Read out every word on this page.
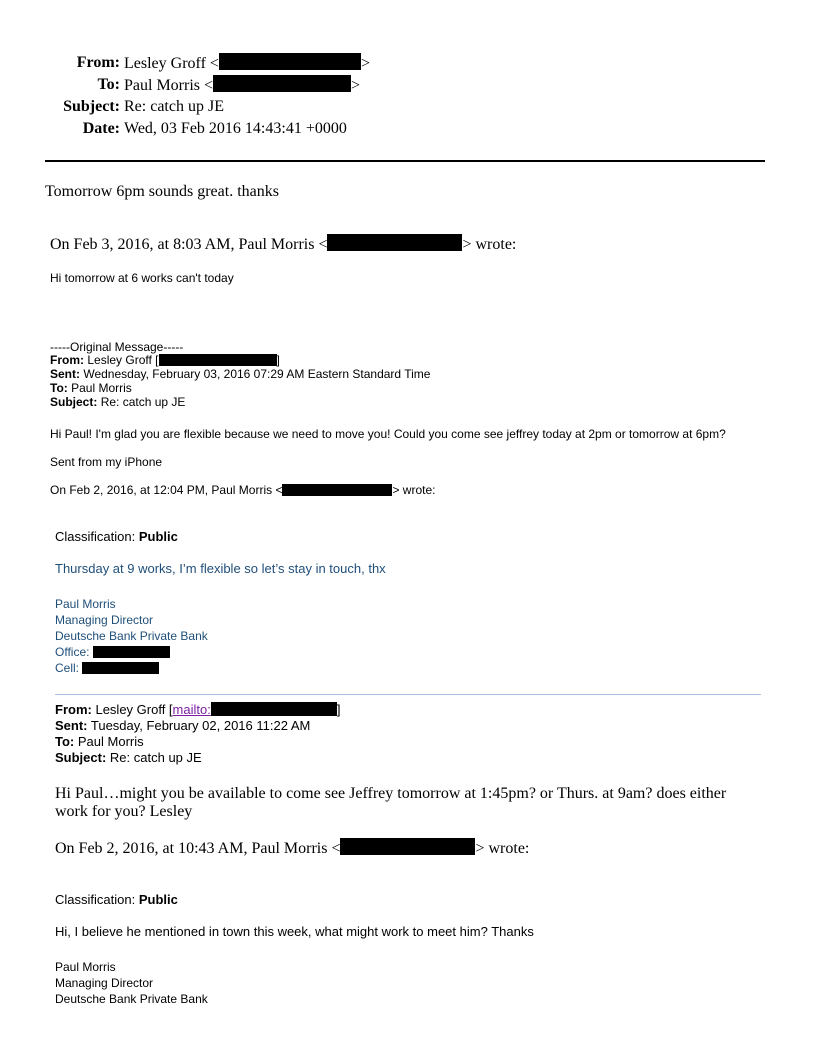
From: Lesley Groff <	>
To: Paul Morris <	>
Subject: Re: catch up JE
Date: Wed, 03 Feb 2016 14:43:41 +0000
Tomorrow 6pm sounds great. thanks
On Feb 3, 2016, at 8:03 AM, Paul Morris <	> wrote:
Hi tomorrow at 6 works can't today
-----Original Message-----
From: Lesley Groff [	]
Sent: Wednesday, February 03, 2016 07:29 AM Eastern Standard Time
To: Paul Morris
Subject: Re: catch up JE
Hi Paul! I'm glad you are flexible because we need to move you! Could you come see jeffrey today at 2pm or tomorrow at 6pm?
Sent from my iPhone
On Feb 2, 2016, at 12:04 PM, Paul Morris <	> wrote:
Classification: Public
Thursday at 9 works, I’m flexible so let’s stay in touch, thx
Paul Morris
Managing Director
Deutsche Bank Private Bank
Office:
Cell:
From: Lesley Groff [mailto:	]
Sent: Tuesday, February 02, 2016 11:22 AM
To: Paul Morris
Subject: Re: catch up JE
Hi Paul…might you be available to come see Jeffrey tomorrow at 1:45pm? or Thurs. at 9am? does either
work for you? Lesley
On Feb 2, 2016, at 10:43 AM, Paul Morris <	> wrote:
Classification: Public
Hi, I believe he mentioned in town this week, what might work to meet him? Thanks
Paul Morris
Managing Director
Deutsche Bank Private Bank
